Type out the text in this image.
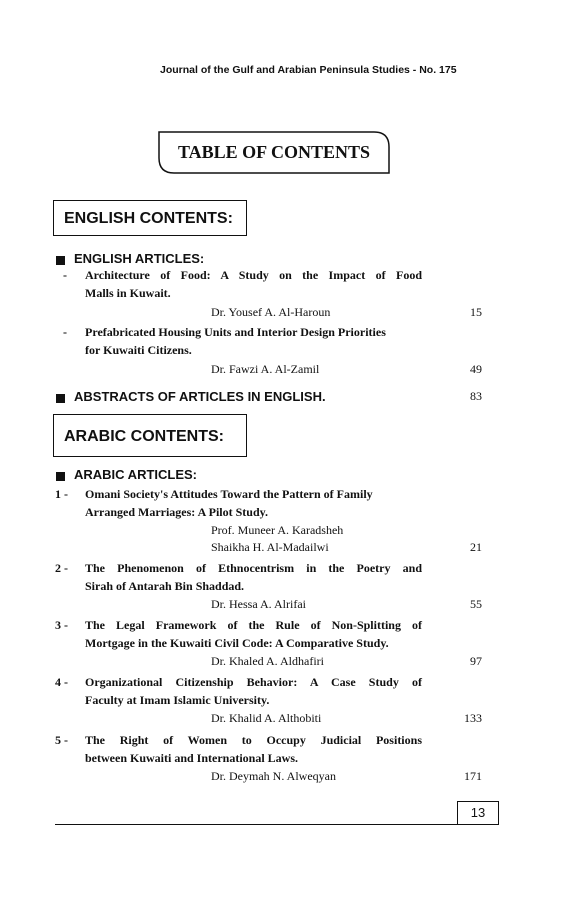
Journal of the Gulf and Arabian Peninsula Studies - No. 175
TABLE OF CONTENTS
ENGLISH CONTENTS:
ENGLISH ARTICLES:
- Architecture of Food: A Study on the Impact of Food
Malls in Kuwait.
Dr. Yousef A. Al-Haroun	15
- Prefabricated Housing Units and Interior Design Priorities
for Kuwaiti Citizens.
Dr. Fawzi A. Al-Zamil	49
ABSTRACTS OF ARTICLES IN ENGLISH.	83
ARABIC CONTENTS:
ARABIC ARTICLES:
1 - Omani Society's Attitudes Toward the Pattern of Family
Arranged Marriages: A Pilot Study.
Prof. Muneer A. Karadsheh
Shaikha H. Al-Madailwi	21
2 - The Phenomenon of Ethnocentrism in the Poetry and
Sirah of Antarah Bin Shaddad.
Dr. Hessa A. Alrifai	55
3 - The Legal Framework of the Rule of Non-Splitting of
Mortgage in the Kuwaiti Civil Code: A Comparative Study.
Dr. Khaled A. Aldhafiri	97
4 - Organizational Citizenship Behavior: A Case Study of
Faculty at Imam Islamic University.
Dr. Khalid A. Althobiti	133
5 - The Right of Women to Occupy Judicial Positions
between Kuwaiti and International Laws.
Dr. Deymah N. Alweqyan	171
13
